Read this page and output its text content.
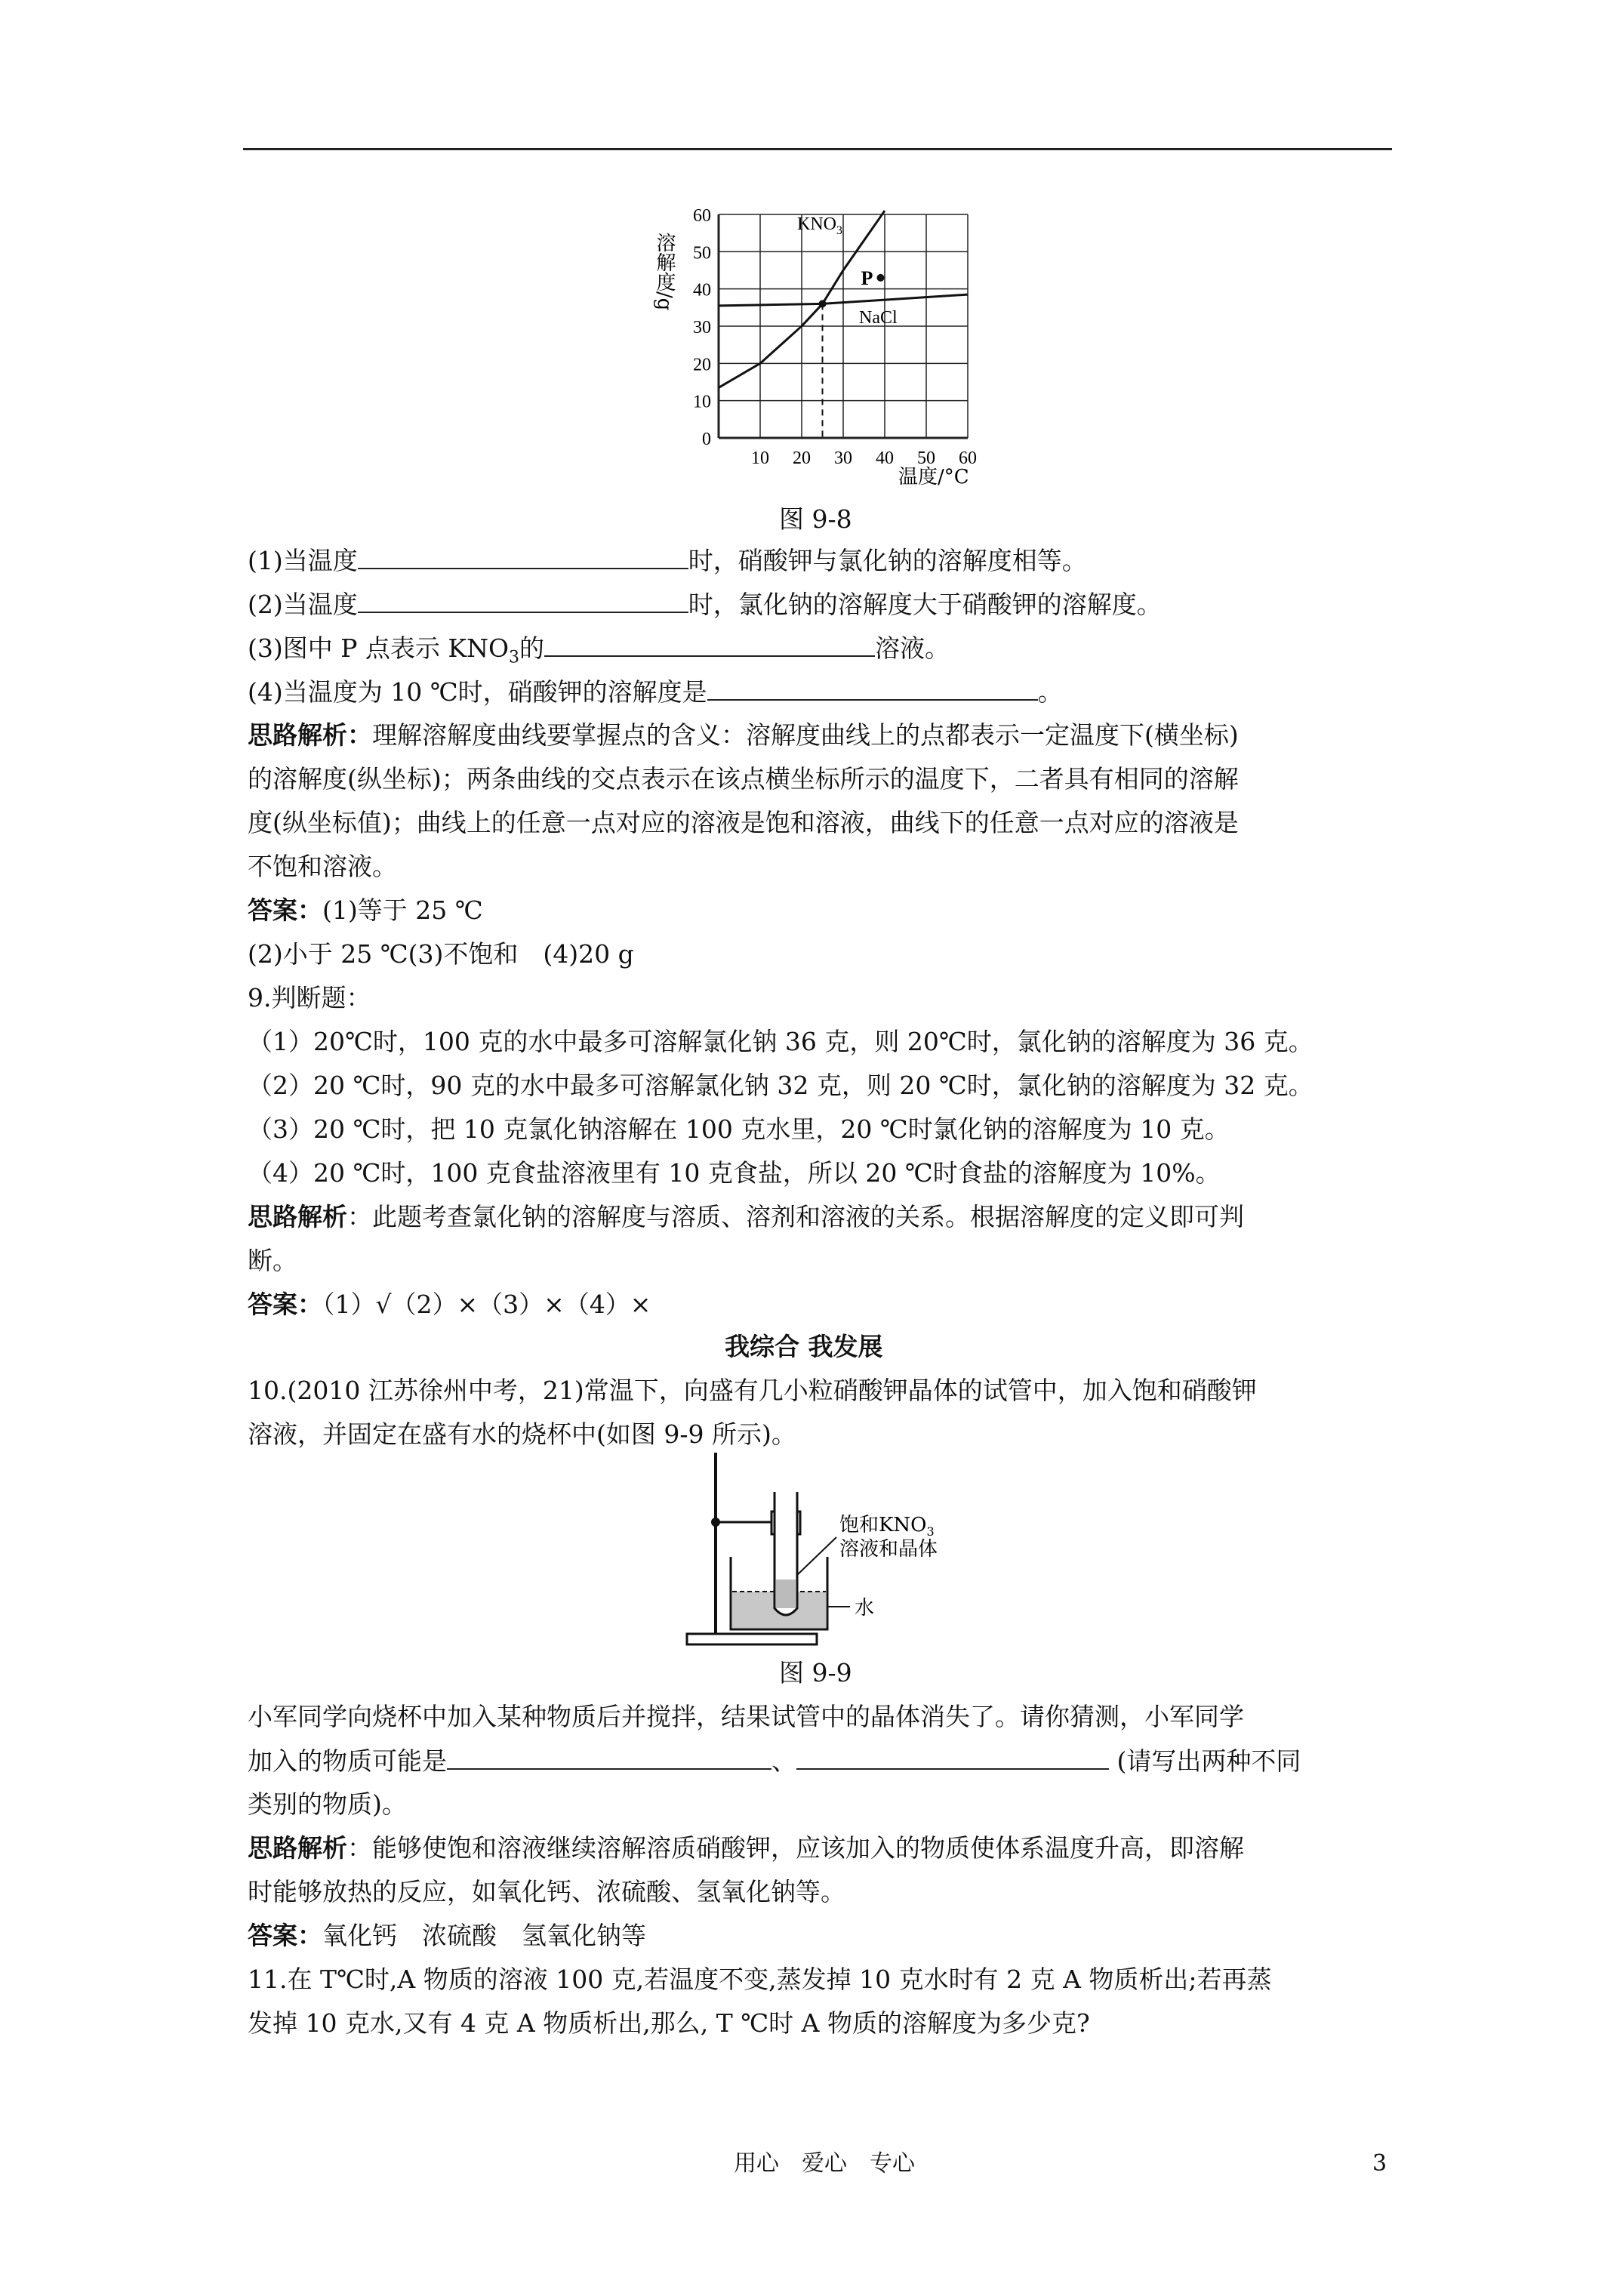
0
10
20
30
40
50
60
10 20 30 40 50 60
P
$KNO_3$
NaCl
溶解度/g
温度/°C
图 9-8
(1)当温度	时，硝酸钾与氯化钠的溶解度相等。
(2)当温度	时，氯化钠的溶解度大于硝酸钾的溶解度。
(3)图中 P 点表示 $KNO_3$的	溶液。
(4)当温度为 10 ℃时，硝酸钾的溶解度是	。
思路解析：理解溶解度曲线要掌握点的含义：溶解度曲线上的点都表示一定温度下(横坐标)
的溶解度(纵坐标)；两条曲线的交点表示在该点横坐标所示的温度下，二者具有相同的溶解
度(纵坐标值)；曲线上的任意一点对应的溶液是饱和溶液，曲线下的任意一点对应的溶液是
不饱和溶液。
答案：(1)等于 25 ℃
(2)小于 25 ℃(3)不饱和　(4)20 g
9.判断题：
（1）20℃时，100 克的水中最多可溶解氯化钠 36 克，则 20℃时，氯化钠的溶解度为 36 克。
（2）20 ℃时，90 克的水中最多可溶解氯化钠 32 克，则 20 ℃时，氯化钠的溶解度为 32 克。
（3）20 ℃时，把 10 克氯化钠溶解在 100 克水里，20 ℃时氯化钠的溶解度为 10 克。
（4）20 ℃时，100 克食盐溶液里有 10 克食盐，所以 20 ℃时食盐的溶解度为 10%。
思路解析：此题考查氯化钠的溶解度与溶质、溶剂和溶液的关系。根据溶解度的定义即可判
断。
答案：（1）√（2）×（3）×（4）×
我综合 我发展
10.(2010 江苏徐州中考，21)常温下，向盛有几小粒硝酸钾晶体的试管中，加入饱和硝酸钾
溶液，并固定在盛有水的烧杯中(如图 9-9 所示)。
饱和$KNO_3$
溶液和晶体
水
图 9-9
小军同学向烧杯中加入某种物质后并搅拌，结果试管中的晶体消失了。请你猜测，小军同学
加入的物质可能是	、	(请写出两种不同
类别的物质)。
思路解析：能够使饱和溶液继续溶解溶质硝酸钾，应该加入的物质使体系温度升高，即溶解
时能够放热的反应，如氧化钙、浓硫酸、氢氧化钠等。
答案：氧化钙　浓硫酸　氢氧化钠等
11.在 T℃时,A 物质的溶液 100 克,若温度不变,蒸发掉 10 克水时有 2 克 A 物质析出;若再蒸
发掉 10 克水,又有 4 克 A 物质析出,那么, T ℃时 A 物质的溶解度为多少克?
用心　爱心　专心	3
